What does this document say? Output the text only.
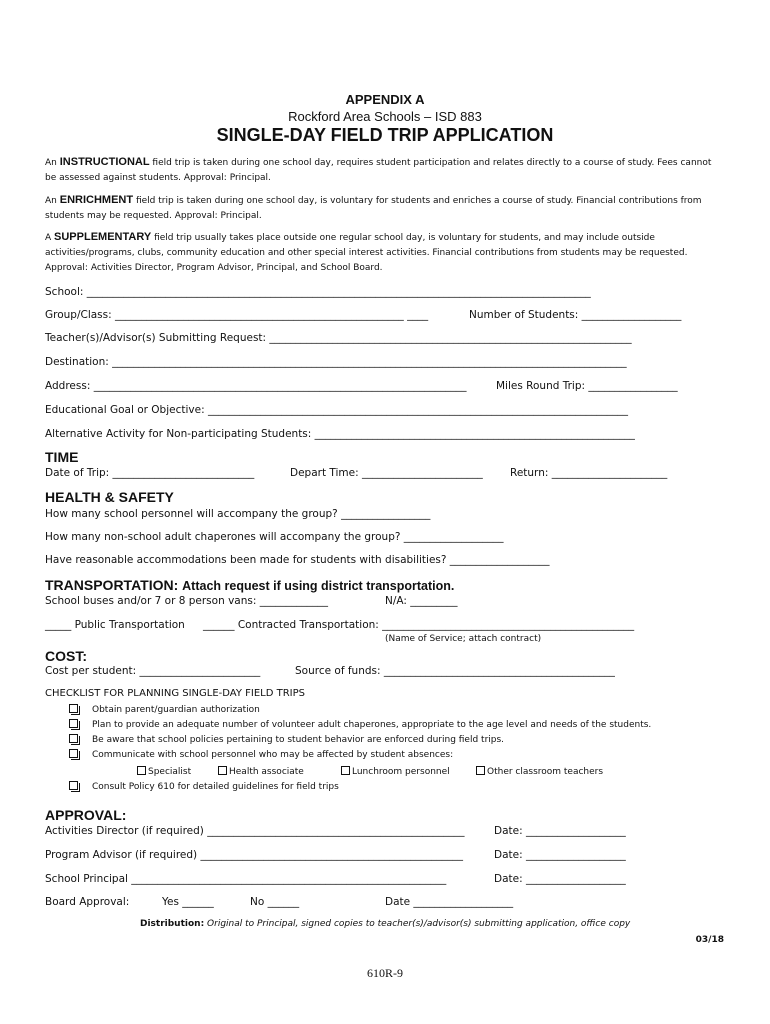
APPENDIX A
Rockford Area Schools – ISD 883
SINGLE-DAY FIELD TRIP APPLICATION
An INSTRUCTIONAL field trip is taken during one school day, requires student participation and relates directly to a course of study. Fees cannot be assessed against students. Approval: Principal.
An ENRICHMENT field trip is taken during one school day, is voluntary for students and enriches a course of study. Financial contributions from students may be requested. Approval: Principal.
A SUPPLEMENTARY field trip usually takes place outside one regular school day, is voluntary for students, and may include outside activities/programs, clubs, community education and other special interest activities. Financial contributions from students may be requested. Approval: Activities Director, Program Advisor, Principal, and School Board.
School: ________________________________________________________________________________________________
Group/Class: _______________________________________________________ ____	Number of Students: ___________________
Teacher(s)/Advisor(s) Submitting Request: _____________________________________________________________________
Destination: __________________________________________________________________________________________________
Address: _______________________________________________________________________	Miles Round Trip: _________________
Educational Goal or Objective: ________________________________________________________________________________
Alternative Activity for Non-participating Students: _____________________________________________________________
TIME
Date of Trip: ___________________________	Depart Time: _______________________	Return: ______________________
HEALTH & SAFETY
How many school personnel will accompany the group? _________________
How many non-school adult chaperones will accompany the group? ___________________
Have reasonable accommodations been made for students with disabilities? ___________________
TRANSPORTATION: Attach request if using district transportation.
School buses and/or 7 or 8 person vans: _____________	N/A: _________
_____ Public Transportation ______ Contracted Transportation: ________________________________________________
(Name of Service; attach contract)
COST:
Cost per student: _______________________	Source of funds: ____________________________________________
CHECKLIST FOR PLANNING SINGLE-DAY FIELD TRIPS
Obtain parent/guardian authorization
Plan to provide an adequate number of volunteer adult chaperones, appropriate to the age level and needs of the students.
Be aware that school policies pertaining to student behavior are enforced during field trips.
Communicate with school personnel who may be affected by student absences:
Specialist	Health associate	Lunchroom personnel	Other classroom teachers
Consult Policy 610 for detailed guidelines for field trips
APPROVAL:
Activities Director (if required) _________________________________________________	Date: ___________________
Program Advisor (if required) __________________________________________________	Date: ___________________
School Principal ____________________________________________________________	Date: ___________________
Board Approval:	Yes ______	No ______	Date ___________________
Distribution: Original to Principal, signed copies to teacher(s)/advisor(s) submitting application, office copy
03/18
610R-9
